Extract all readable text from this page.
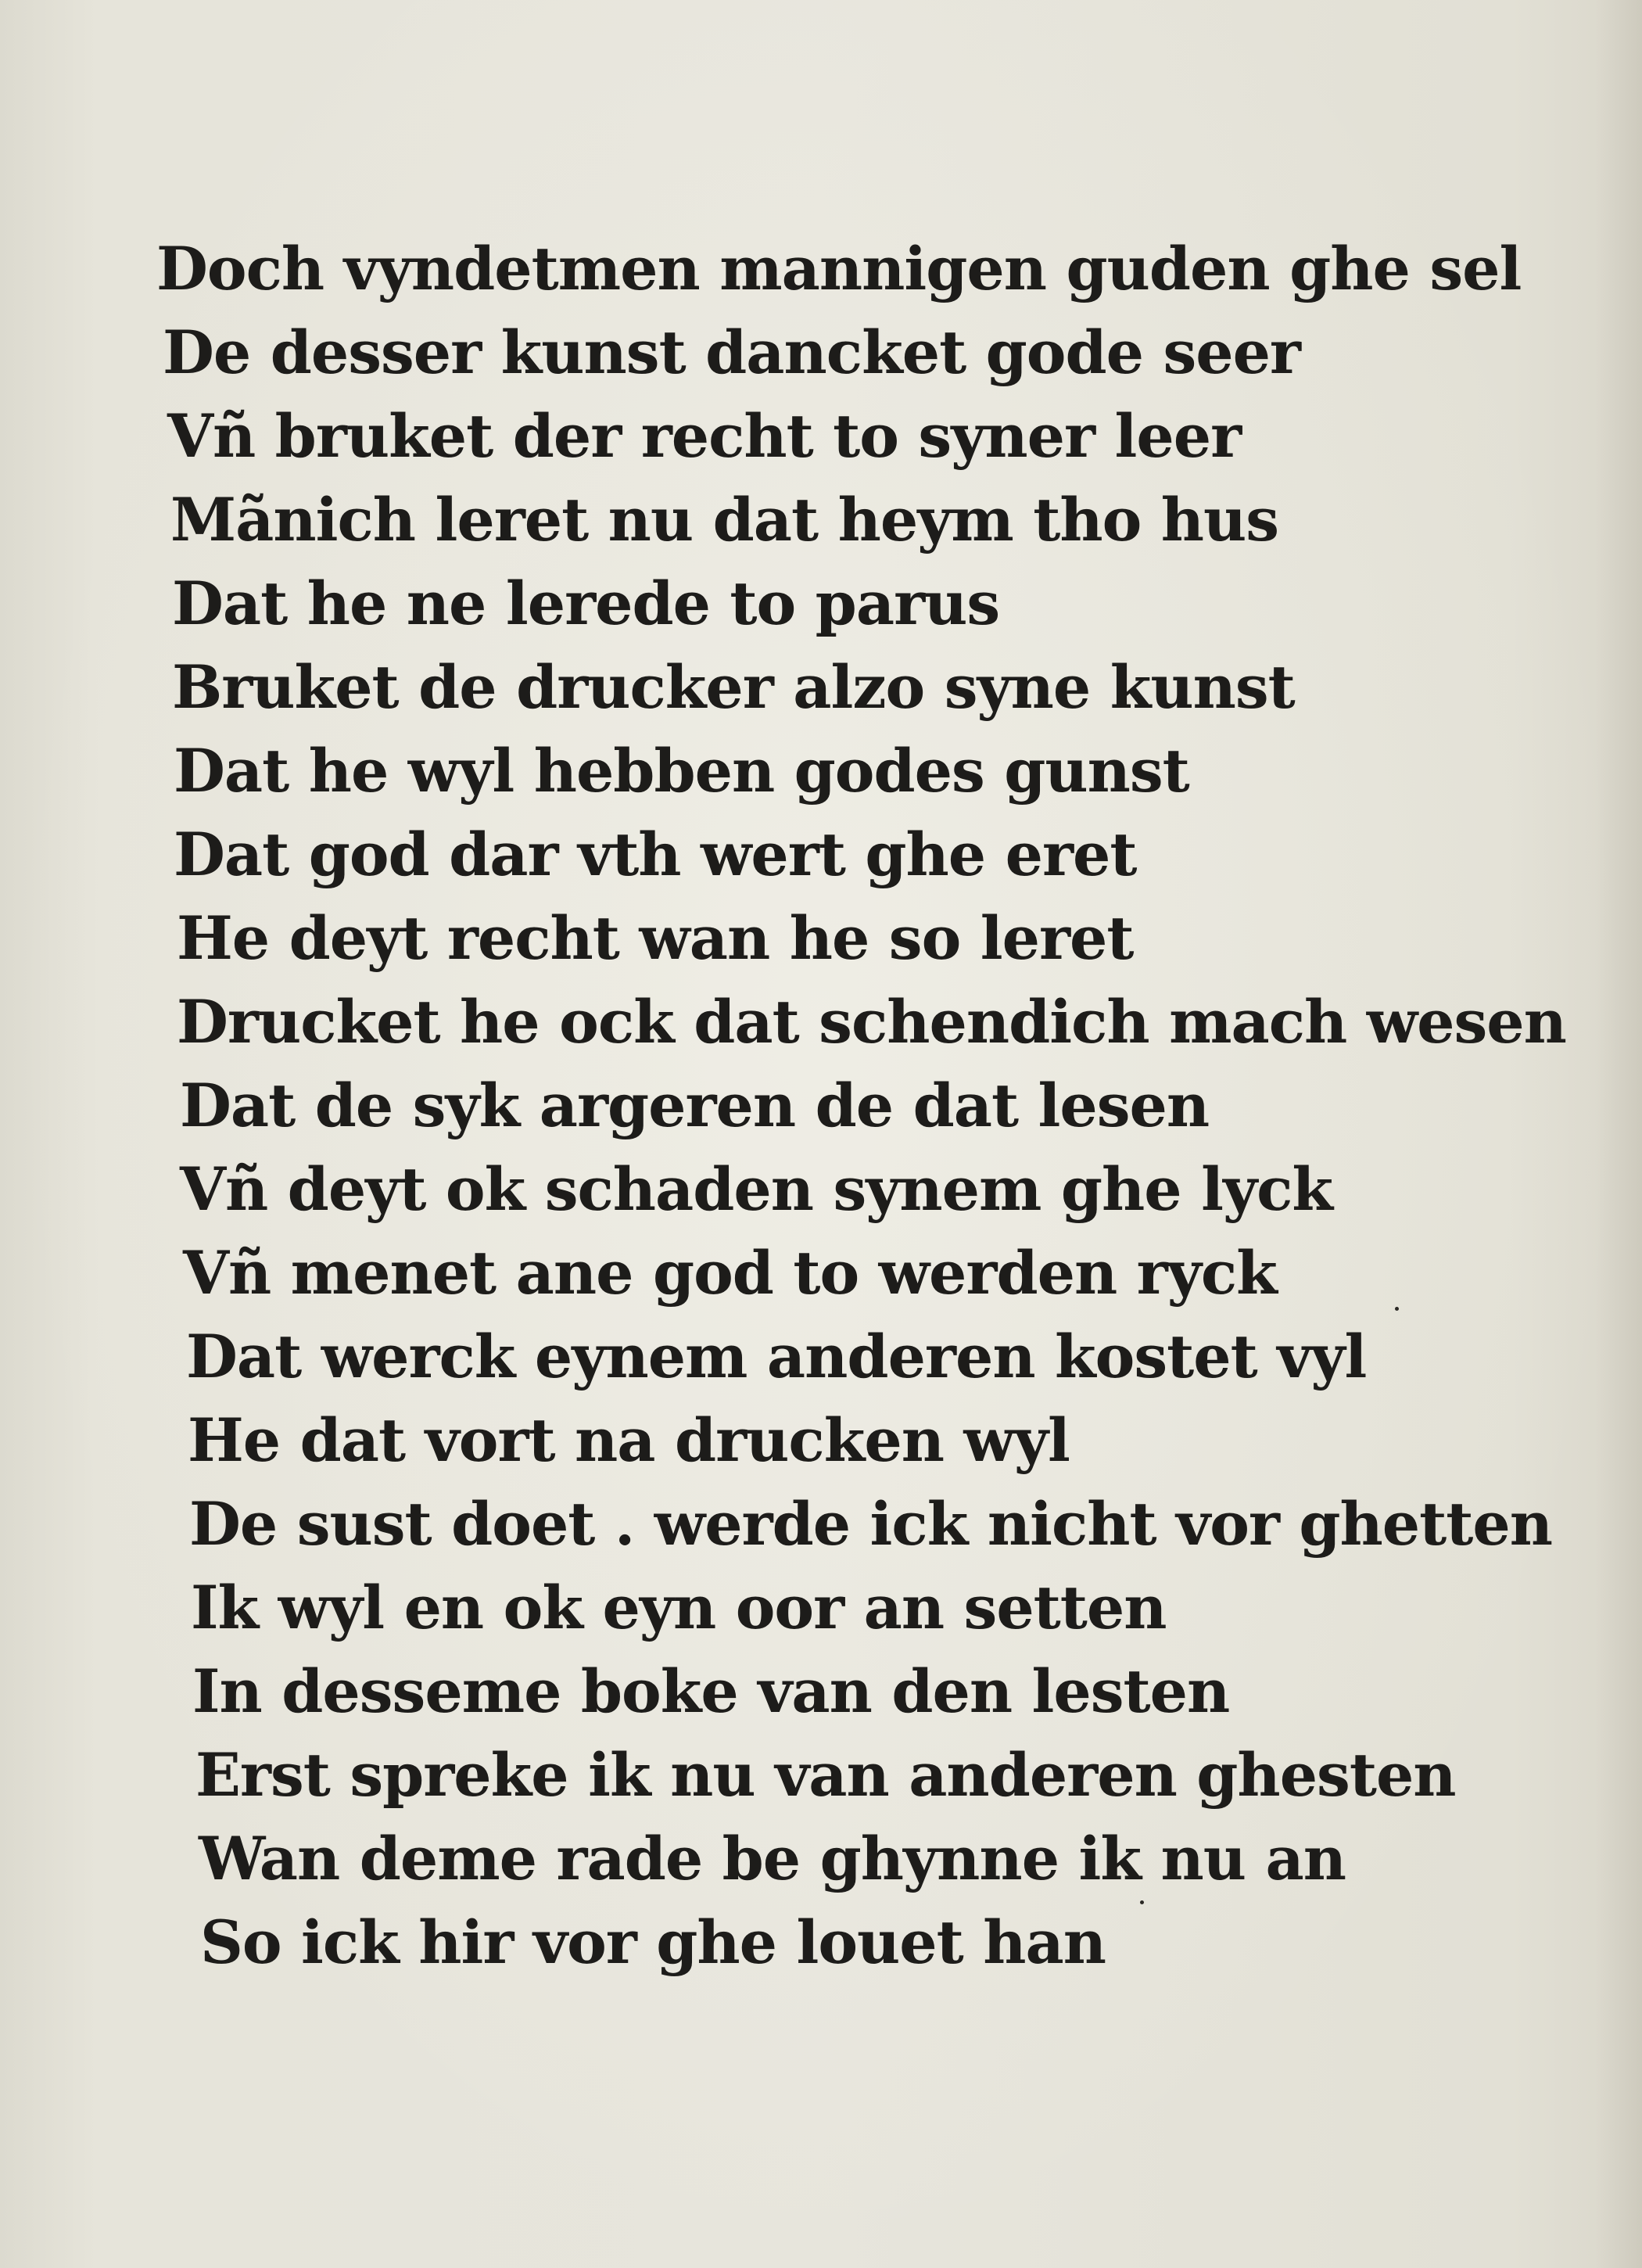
Doch vyndetmen mannigen guden ghe sel
De desser kunst dancket gode seer
Vñ bruket der recht to syner leer
Mãnich leret nu dat heym tho hus
Dat he ne lerede to parus
Bruket de drucker alzo syne kunst
Dat he wyl hebben godes gunst
Dat god dar vth wert ghe eret
He deyt recht wan he so leret
Drucket he ock dat schendich mach wesen
Dat de syk argeren de dat lesen
Vñ deyt ok schaden synem ghe lyck
Vñ menet ane god to werden ryck
Dat werck eynem anderen kostet vyl
He dat vort na drucken wyl
De sust doet . werde ick nicht vor ghetten
Ik wyl en ok eyn oor an setten
In desseme boke van den lesten
Erst spreke ik nu van anderen ghesten
Wan deme rade be ghynne ik nu an
So ick hir vor ghe louet han
